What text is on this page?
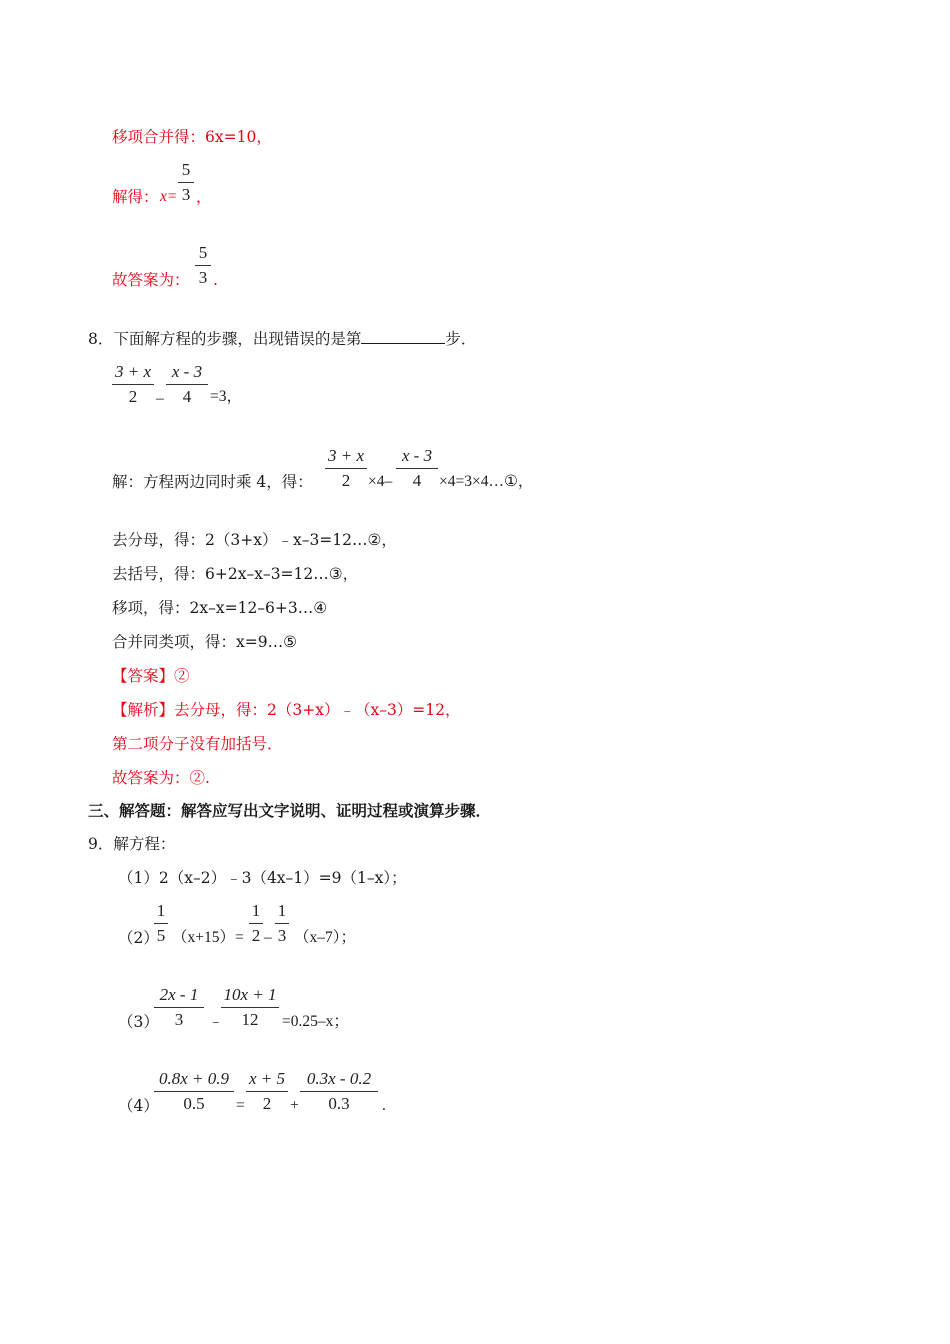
移项合并得：6x=10，
解得： x=
5
3 ，
故答案为：
5
3 .
8．下面解方程的步骤，出现错误的是第	步．
3 + x
2	–
x - 3
4	=3，
解：方程两边同时乘 4，得：
3 + x
2	×4–
x - 3
4	×4=3×4…①，
去分母，得：2（3+x）﹣x–3=12…②，
去括号，得：6+2x–x–3=12…③，
移项，得：2x–x=12–6+3…④
合并同类项，得：x=9…⑤
【答案】②
【解析】去分母，得：2（3+x）﹣（x–3）=12，
第二项分子没有加括号．
故答案为：②.
三、解答题：解答应写出文字说明、证明过程或演算步骤．
9．解方程：
（1）2（x–2）﹣3（4x–1）=9（1–x）；
（2）
1
5 （x+15）=
1
2 –
1
3 （x–7）；
（3）
2x - 1
3	﹣
10x + 1
12	=0.25–x；
（4）
0.8x + 0.9
0.5	=
x + 5
2	+
0.3x - 0.2
0.3	.
